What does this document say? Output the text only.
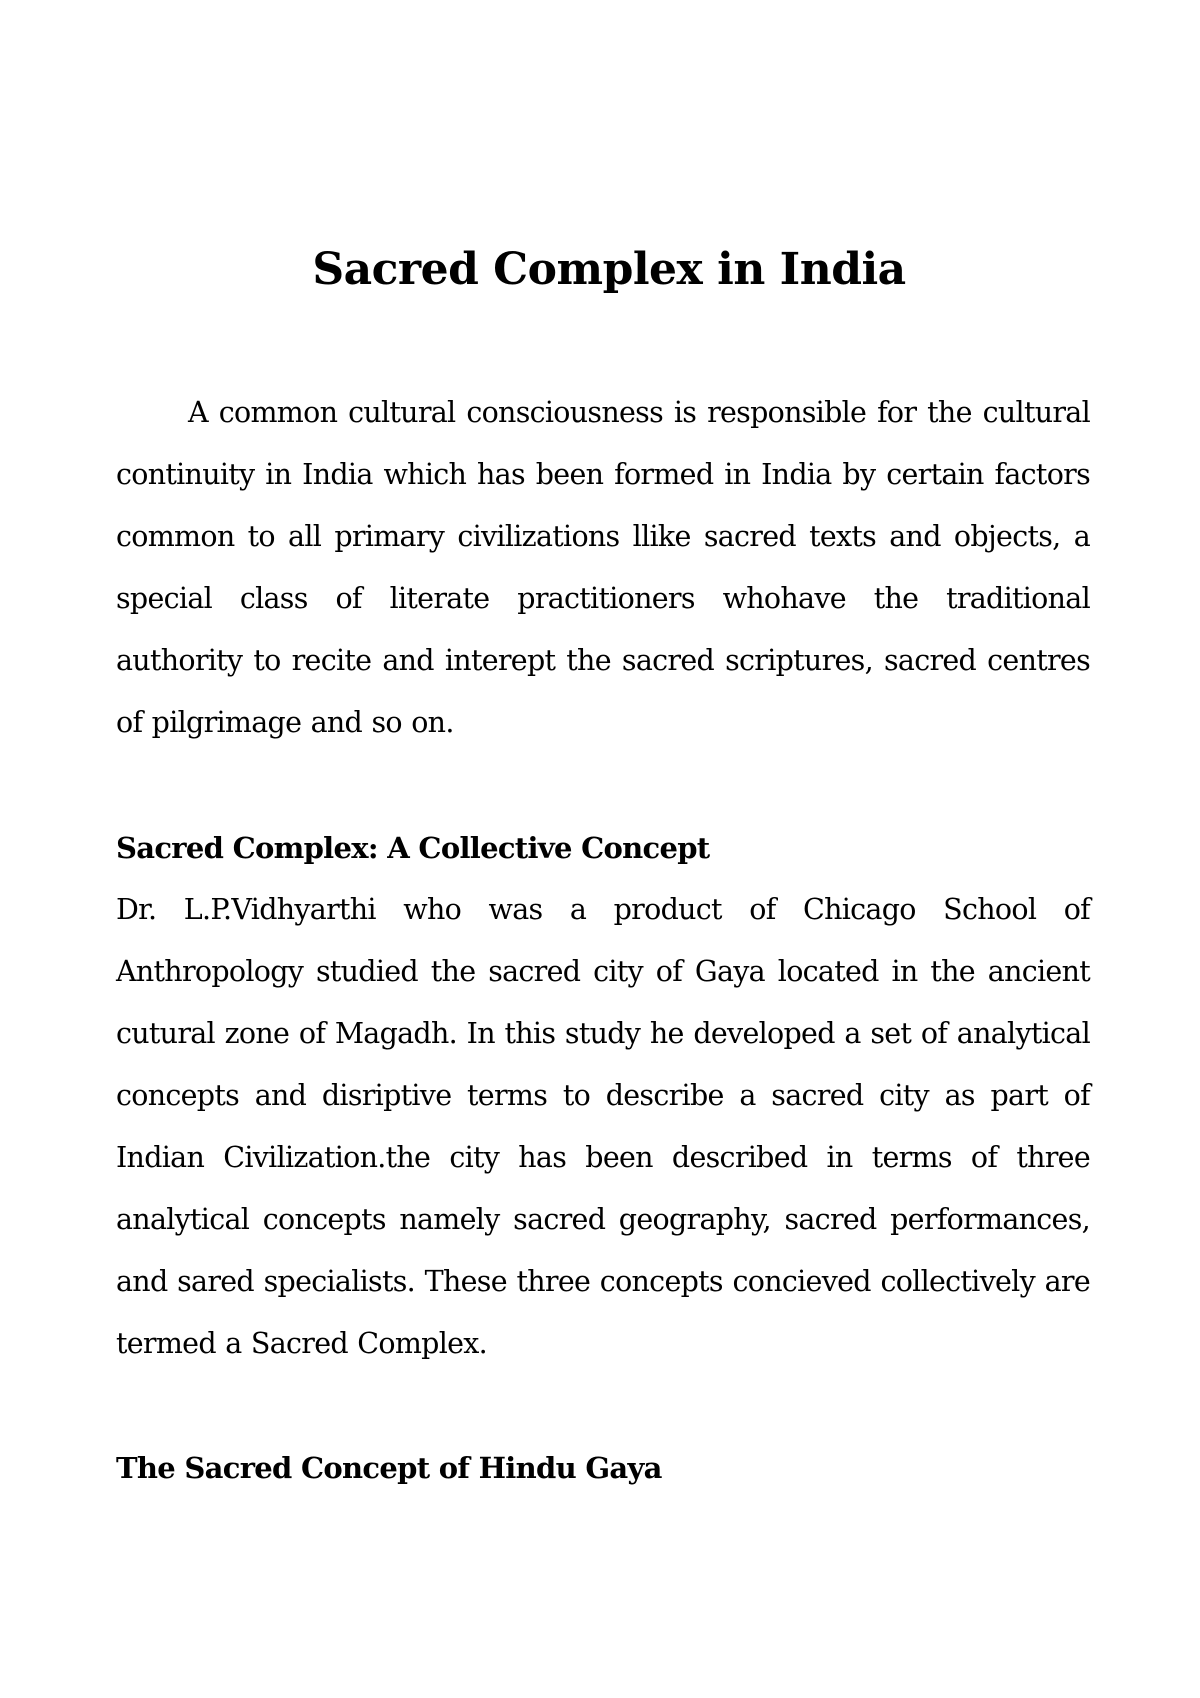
Sacred Complex in India

A common cultural consciousness is responsible for the cultural continuity in India which has been formed in India by certain factors common to all primary civilizations llike sacred texts and objects, a special class of literate practitioners whohave the traditional authority to recite and interept the sacred scriptures, sacred centres of pilgrimage and so on.

Sacred Complex: A Collective Concept

Dr. L.P.Vidhyarthi who was a product of Chicago School of Anthropology studied the sacred city of Gaya located in the ancient cutural zone of Magadh. In this study he developed a set of analytical concepts and disriptive terms to describe a sacred city as part of Indian Civilization.the city has been described in terms of three analytical concepts namely sacred geography, sacred performances, and sared specialists. These three concepts concieved collectively are termed a Sacred Complex.

The Sacred Concept of Hindu Gaya
